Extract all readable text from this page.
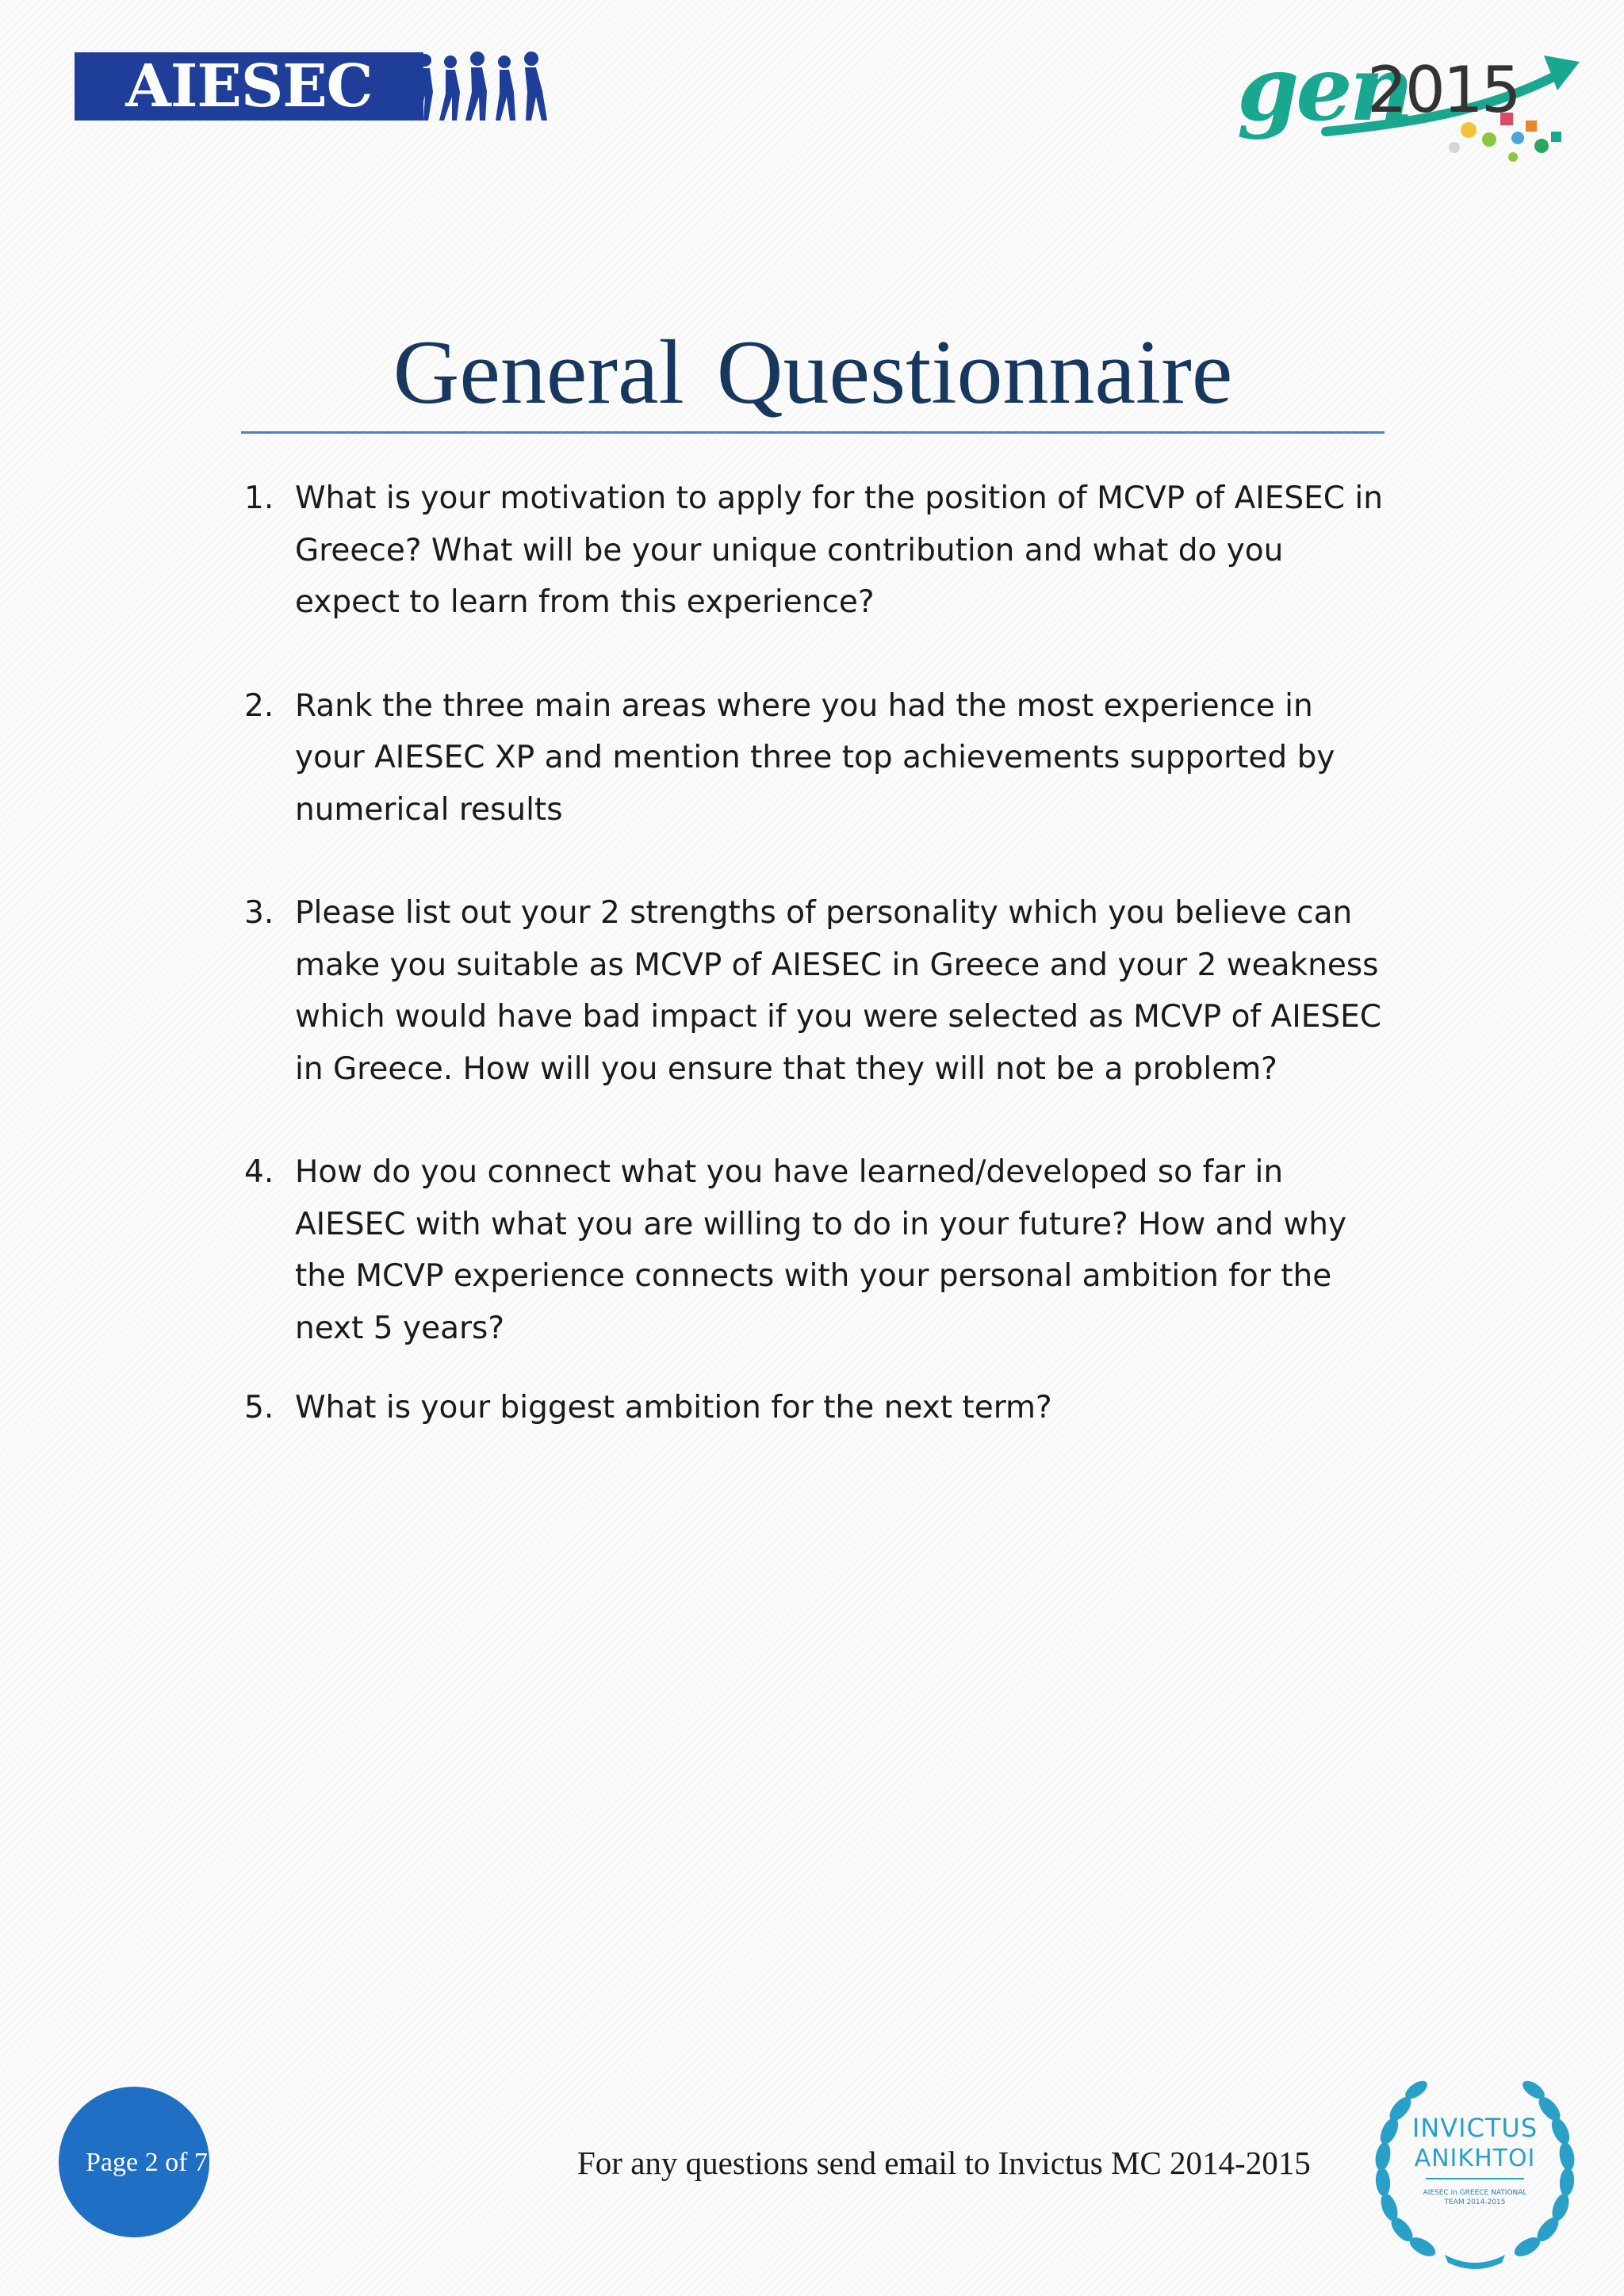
AIESEC	gen
2015
General Questionnaire
1. What is your motivation to apply for the position of MCVP of AIESEC in Greece? What will be your unique contribution and what do you expect to learn from this experience?
2. Rank the three main areas where you had the most experience in your AIESEC XP and mention three top achievements supported by numerical results
3. Please list out your 2 strengths of personality which you believe can make you suitable as MCVP of AIESEC in Greece and your 2 weakness which would have bad impact if you were selected as MCVP of AIESEC in Greece. How will you ensure that they will not be a problem?
4. How do you connect what you have learned/developed so far in AIESEC with what you are willing to do in your future? How and why the MCVP experience connects with your personal ambition for the next 5 years?
5. What is your biggest ambition for the next term?
Page 2 of 7	For any questions send email to Invictus MC 2014-2015
INVICTUS
ANIKHTOI
AIESEC in GREECE NATIONAL TEAM 2014-2015
